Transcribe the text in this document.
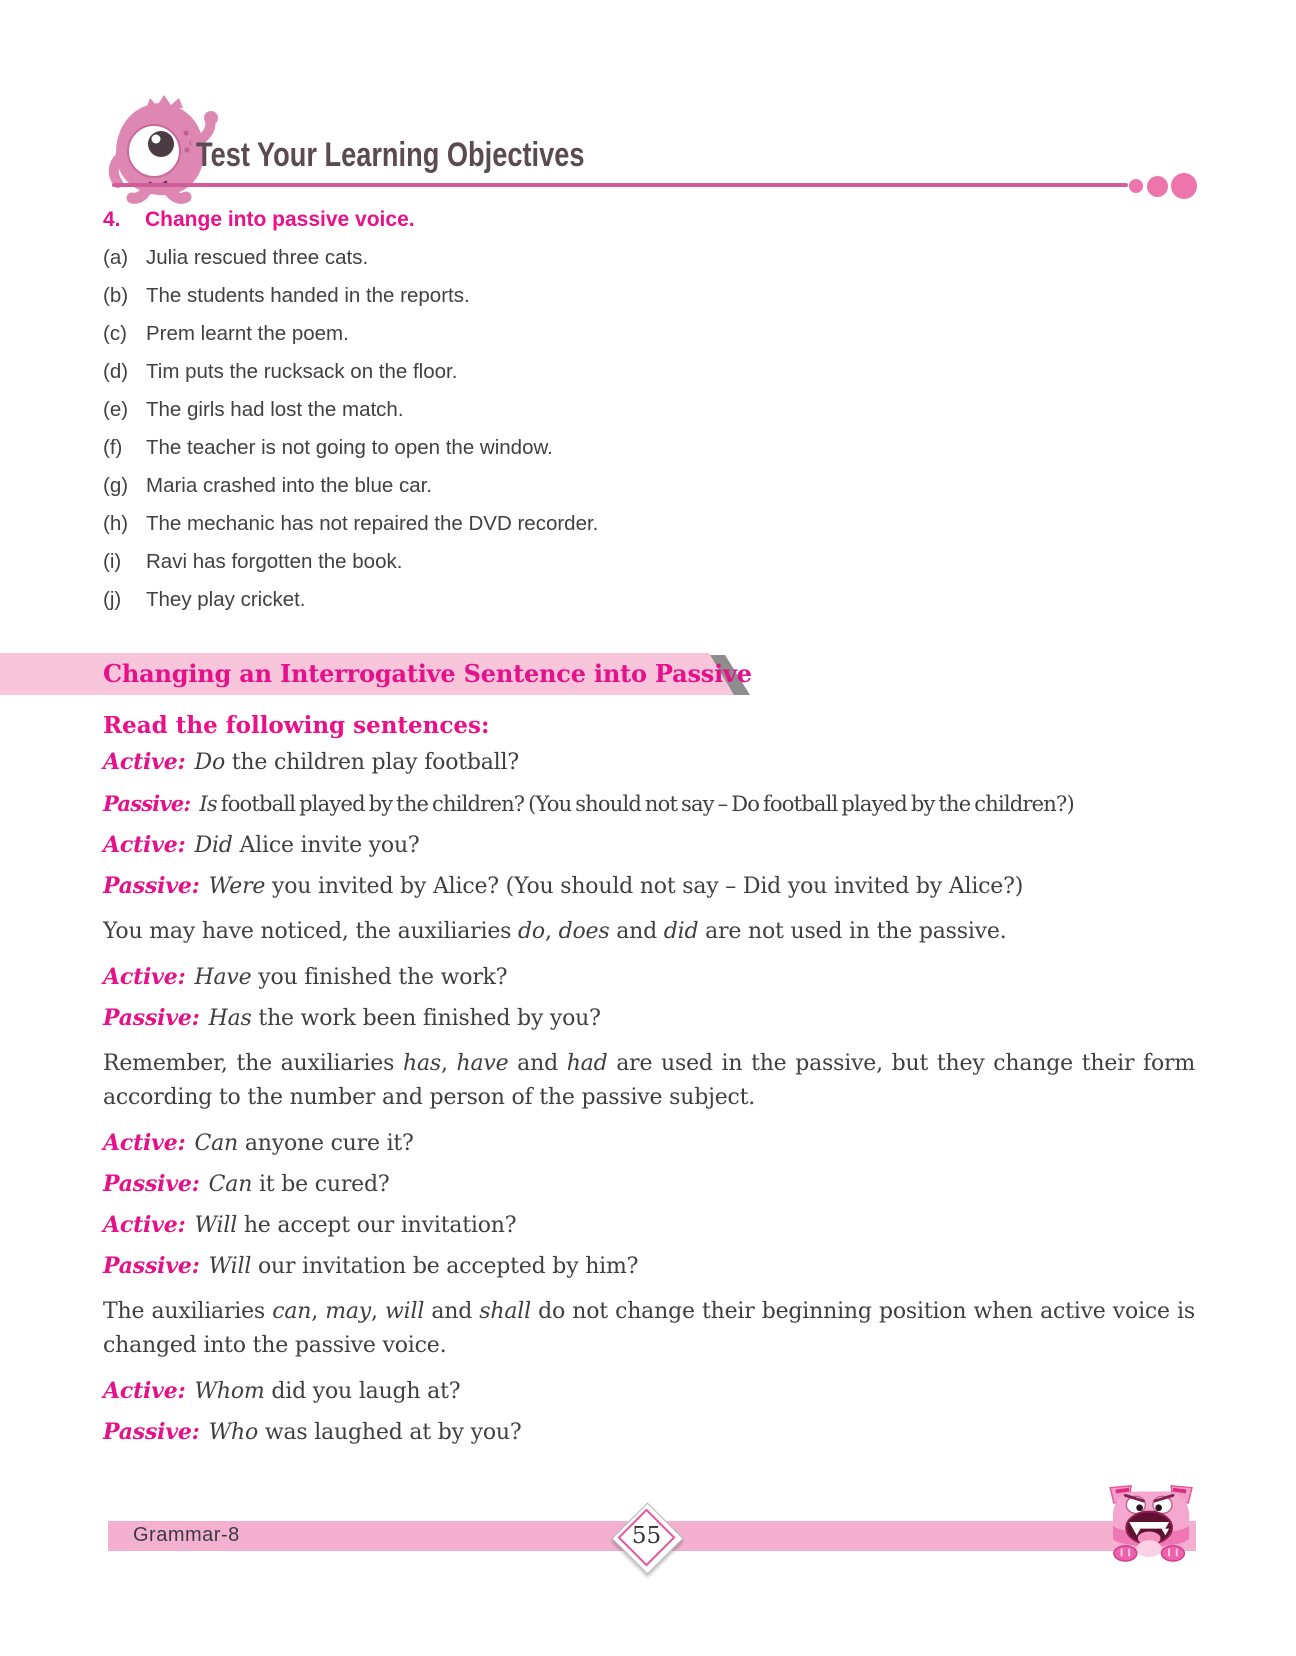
Test Your Learning Objectives
4.	Change into passive voice.
(a) Julia rescued three cats.
(b) The students handed in the reports.
(c) Prem learnt the poem.
(d) Tim puts the rucksack on the floor.
(e) The girls had lost the match.
(f)	The teacher is not going to open the window.
(g) Maria crashed into the blue car.
(h) The mechanic has not repaired the DVD recorder.
(i)	Ravi has forgotten the book.
(j)	They play cricket.
Changing an Interrogative Sentence into Passive
Read the following sentences:
Active: Do the children play football?
Passive: Is football played by the children? (You should not say – Do football played by the children?)
Active: Did Alice invite you?
Passive: Were you invited by Alice? (You should not say – Did you invited by Alice?)
You may have noticed, the auxiliaries do, does and did are not used in the passive.
Active: Have you finished the work?
Passive: Has the work been finished by you?
Remember, the auxiliaries has, have and had are used in the passive, but they change their form according to the number and person of the passive subject.
Active: Can anyone cure it?
Passive: Can it be cured?
Active: Will he accept our invitation?
Passive: Will our invitation be accepted by him?
The auxiliaries can, may, will and shall do not change their beginning position when active voice is changed into the passive voice.
Active: Whom did you laugh at?
Passive: Who was laughed at by you?
Grammar-8	55
